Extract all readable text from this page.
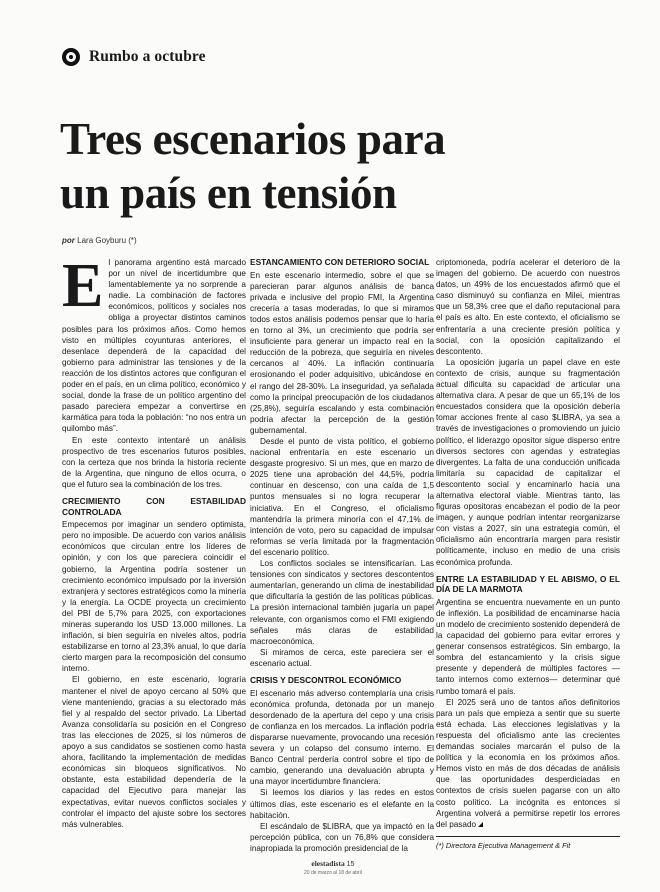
Rumbo a octubre
Tres escenarios para
un país en tensión
por Lara Goyburu (*)

El panorama argentino está marcado por un nivel de incertidumbre que lamentablemente ya no sorprende a nadie. La combinación de factores económicos, políticos y sociales nos obliga a proyectar distintos caminos posibles para los próximos años. Como hemos visto en múltiples coyunturas anteriores, el desenlace dependerá de la capacidad del gobierno para administrar las tensiones y de la reacción de los distintos actores que configuran el poder en el país, en un clima político, económico y social, donde la frase de un político argentino del pasado pareciera empezar a convertirse en karmática para toda la población: “no nos entra un quilombo más”.

En este contexto intentaré un análisis prospectivo de tres escenarios futuros posibles, con la certeza que nos brinda la historia reciente de la Argentina, que ninguno de ellos ocurra, o que el futuro sea la combinación de los tres.

CRECIMIENTO CON ESTABILIDAD CONTROLADA

Empecemos por imaginar un sendero optimista, pero no imposible. De acuerdo con varios análisis económicos que circulan entre los líderes de opinión, y con los que pareciera coincidir el gobierno, la Argentina podría sostener un crecimiento económico impulsado por la inversión extranjera y sectores estratégicos como la minería y la energía. La OCDE proyecta un crecimiento del PBI de 5,7% para 2025, con exportaciones mineras superando los USD 13.000 millones. La inflación, si bien seguiría en niveles altos, podría estabilizarse en torno al 23,3% anual, lo que daría cierto margen para la recomposición del consumo interno.

El gobierno, en este escenario, lograría mantener el nivel de apoyo cercano al 50% que viene manteniendo, gracias a su electorado más fiel y al respaldo del sector privado. La Libertad Avanza consolidaría su posición en el Congreso tras las elecciones de 2025, si los números de apoyo a sus candidatos se sostienen como hasta ahora, facilitando la implementación de medidas económicas sin bloqueos significativos. No obstante, esta estabilidad dependería de la capacidad del Ejecutivo para manejar las expectativas, evitar nuevos conflictos sociales y controlar el impacto del ajuste sobre los sectores más vulnerables.

ESTANCAMIENTO CON DETERIORO SOCIAL

En este escenario intermedio, sobre el que se parecieran parar algunos análisis de banca privada e inclusive del propio FMI, la Argentina crecería a tasas moderadas, lo que si miramos todos estos análisis podemos pensar que lo haría en torno al 3%, un crecimiento que podría ser insuficiente para generar un impacto real en la reducción de la pobreza, que seguiría en niveles cercanos al 40%. La inflación continuaría erosionando el poder adquisitivo, ubicándose en el rango del 28-30%. La inseguridad, ya señalada como la principal preocupación de los ciudadanos (25,8%), seguiría escalando y esta combinación podría afectar la percepción de la gestión gubernamental.

Desde el punto de vista político, el gobierno nacional enfrentaría en este escenario un desgaste progresivo. Si un mes, que en marzo de 2025 tiene una aprobación del 44,5%, podría continuar en descenso, con una caída de 1,5 puntos mensuales si no logra recuperar la iniciativa. En el Congreso, el oficialismo mantendría la primera minoría con el 47,1% de intención de voto, pero su capacidad de impulsar reformas se vería limitada por la fragmentación del escenario político.

Los conflictos sociales se intensificarían. Las tensiones con sindicatos y sectores descontentos aumentarían, generando un clima de inestabilidad que dificultaría la gestión de las políticas públicas. La presión internacional también jugaría un papel relevante, con organismos como el FMI exigiendo señales más claras de estabilidad macroeconómica.

Si miramos de cerca, este pareciera ser el escenario actual.

CRISIS Y DESCONTROL ECONÓMICO

El escenario más adverso contemplaría una crisis económica profunda, detonada por un manejo desordenado de la apertura del cepo y una crisis de confianza en los mercados. La inflación podría dispararse nuevamente, provocando una recesión severa y un colapso del consumo interno. El Banco Central perdería control sobre el tipo de cambio, generando una devaluación abrupta y una mayor incertidumbre financiera.

Si leemos los diarios y las redes en estos últimos días, este escenario es el elefante en la habitación.

El escándalo de $LIBRA, que ya impactó en la percepción pública, con un 76,8% que considera inapropiada la promoción presidencial de la

criptomoneda, podría acelerar el deterioro de la imagen del gobierno. De acuerdo con nuestros datos, un 49% de los encuestados afirmó que el caso disminuyó su confianza en Milei, mientras que un 58,3% cree que el daño reputacional para el país es alto. En este contexto, el oficialismo se enfrentaría a una creciente presión política y social, con la oposición capitalizando el descontento.

La oposición jugaría un papel clave en este contexto de crisis, aunque su fragmentación actual dificulta su capacidad de articular una alternativa clara. A pesar de que un 65,1% de los encuestados considera que la oposición debería tomar acciones frente al caso $LIBRA, ya sea a través de investigaciones o promoviendo un juicio político, el liderazgo opositor sigue disperso entre diversos sectores con agendas y estrategias divergentes. La falta de una conducción unificada limitaría su capacidad de capitalizar el descontento social y encaminarlo hacia una alternativa electoral viable. Mientras tanto, las figuras opositoras encabezan el podio de la peor imagen, y aunque podrían intentar reorganizarse con vistas a 2027, sin una estrategia común, el oficialismo aún encontraría margen para resistir políticamente, incluso en medio de una crisis económica profunda.

ENTRE LA ESTABILIDAD Y EL ABISMO, O EL DÍA DE LA MARMOTA

Argentina se encuentra nuevamente en un punto de inflexión. La posibilidad de encaminarse hacia un modelo de crecimiento sostenido dependerá de la capacidad del gobierno para evitar errores y generar consensos estratégicos. Sin embargo, la sombra del estancamiento y la crisis sigue presente y dependerá de múltiples factores —tanto internos como externos— determinar qué rumbo tomará el país.

El 2025 será uno de tantos años definitorios para un país que empieza a sentir que su suerte está echada. Las elecciones legislativas y la respuesta del oficialismo ante las crecientes demandas sociales marcarán el pulso de la política y la economía en los próximos años. Hemos visto en más de dos décadas de análisis que las oportunidades desperdiciadas en contextos de crisis suelen pagarse con un alto costo político. La incógnita es entonces si Argentina volverá a permitirse repetir los errores del pasado

(*) Directora Ejecutiva Management & Fit
elestadista 15
20 de marzo al 18 de abril
